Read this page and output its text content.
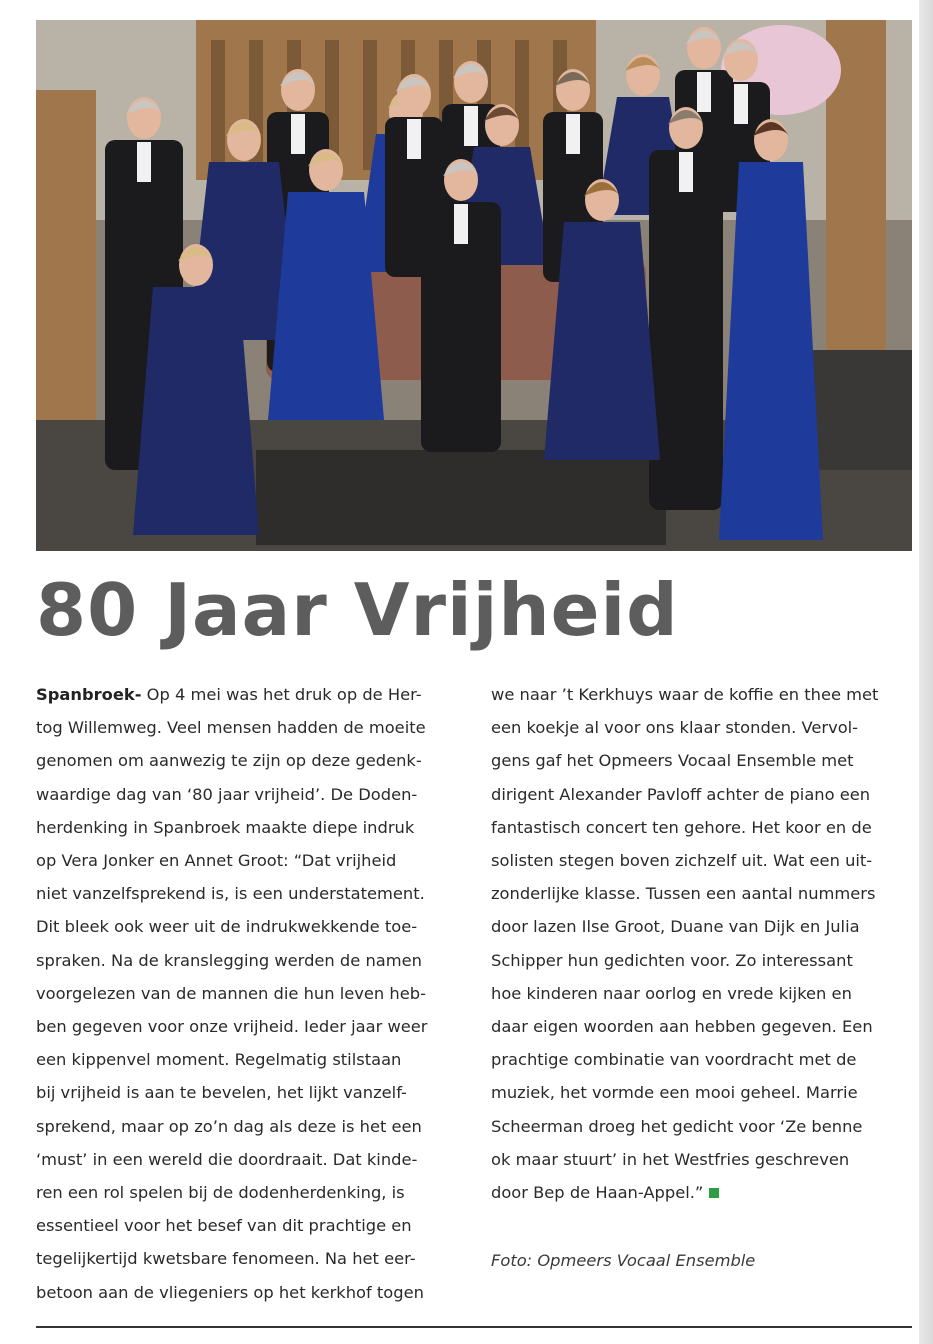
80 Jaar Vrijheid
Spanbroek- Op 4 mei was het druk op de Her-
tog Willemweg. Veel mensen hadden de moeite
genomen om aanwezig te zijn op deze gedenk-
waardige dag van ‘80 jaar vrijheid’. De Doden-
herdenking in Spanbroek maakte diepe indruk
op Vera Jonker en Annet Groot: “Dat vrijheid
niet vanzelfsprekend is, is een understatement.
Dit bleek ook weer uit de indrukwekkende toe-
spraken. Na de kranslegging werden de namen
voorgelezen van de mannen die hun leven heb-
ben gegeven voor onze vrijheid. Ieder jaar weer
een kippenvel moment. Regelmatig stilstaan
bij vrijheid is aan te bevelen, het lijkt vanzelf-
sprekend, maar op zo’n dag als deze is het een
‘must’ in een wereld die doordraait. Dat kinde-
ren een rol spelen bij de dodenherdenking, is
essentieel voor het besef van dit prachtige en
tegelijkertijd kwetsbare fenomeen. Na het eer-
betoon aan de vliegeniers op het kerkhof togen
we naar ’t Kerkhuys waar de koffie en thee met
een koekje al voor ons klaar stonden. Vervol-
gens gaf het Opmeers Vocaal Ensemble met
dirigent Alexander Pavloff achter de piano een
fantastisch concert ten gehore. Het koor en de
solisten stegen boven zichzelf uit. Wat een uit-
zonderlijke klasse. Tussen een aantal nummers
door lazen Ilse Groot, Duane van Dijk en Julia
Schipper hun gedichten voor. Zo interessant
hoe kinderen naar oorlog en vrede kijken en
daar eigen woorden aan hebben gegeven. Een
prachtige combinatie van voordracht met de
muziek, het vormde een mooi geheel. Marrie
Scheerman droeg het gedicht voor ‘Ze benne
ok maar stuurt’ in het Westfries geschreven
door Bep de Haan-Appel.”

Foto: Opmeers Vocaal Ensemble
